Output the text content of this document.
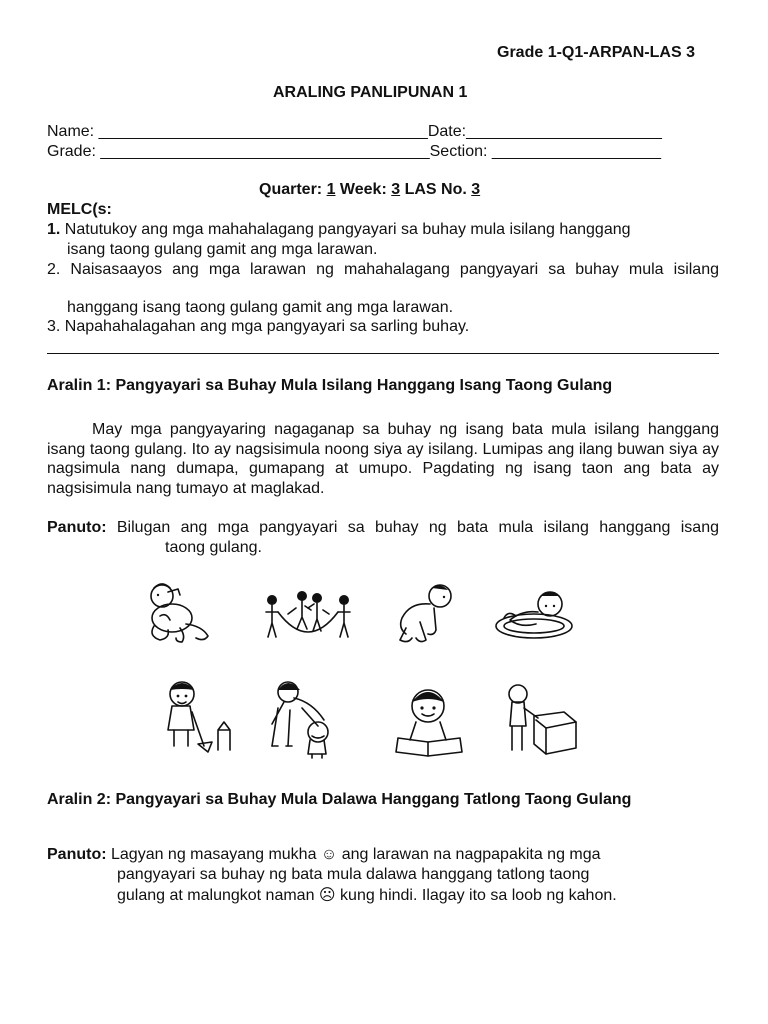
Grade 1-Q1-ARPAN-LAS 3
ARALING PANLIPUNAN 1
Name: _____________________________________Date:______________________
Grade: _____________________________________Section: ___________________
Quarter: 1 Week: 3 LAS No. 3
MELC(s:
1. Natutukoy ang mga mahahalagang pangyayari sa buhay mula isilang hanggang
isang taong gulang gamit ang mga larawan.
2. Naisasaayos ang mga larawan ng mahahalagang pangyayari sa buhay mula isilang
hanggang isang taong gulang gamit ang mga larawan.
3. Napahahalagahan ang mga pangyayari sa sarling buhay.
Aralin 1: Pangyayari sa Buhay Mula Isilang Hanggang Isang Taong Gulang
May mga pangyayaring nagaganap sa buhay ng isang bata mula isilang hanggang isang taong gulang. Ito ay nagsisimula noong siya ay isilang. Lumipas ang ilang buwan siya ay nagsimula nang dumapa, gumapang at umupo. Pagdating ng isang taon ang bata ay nagsisimula nang tumayo at maglakad.
Panuto: Bilugan ang mga pangyayari sa buhay ng bata mula isilang hanggang isang
taong gulang.
Aralin 2: Pangyayari sa Buhay Mula Dalawa Hanggang Tatlong Taong Gulang
Panuto: Lagyan ng masayang mukha ☺ ang larawan na nagpapakita ng mga
pangyayari sa buhay ng bata mula dalawa hanggang tatlong taong
gulang at malungkot naman ☹ kung hindi. Ilagay ito sa loob ng kahon.
